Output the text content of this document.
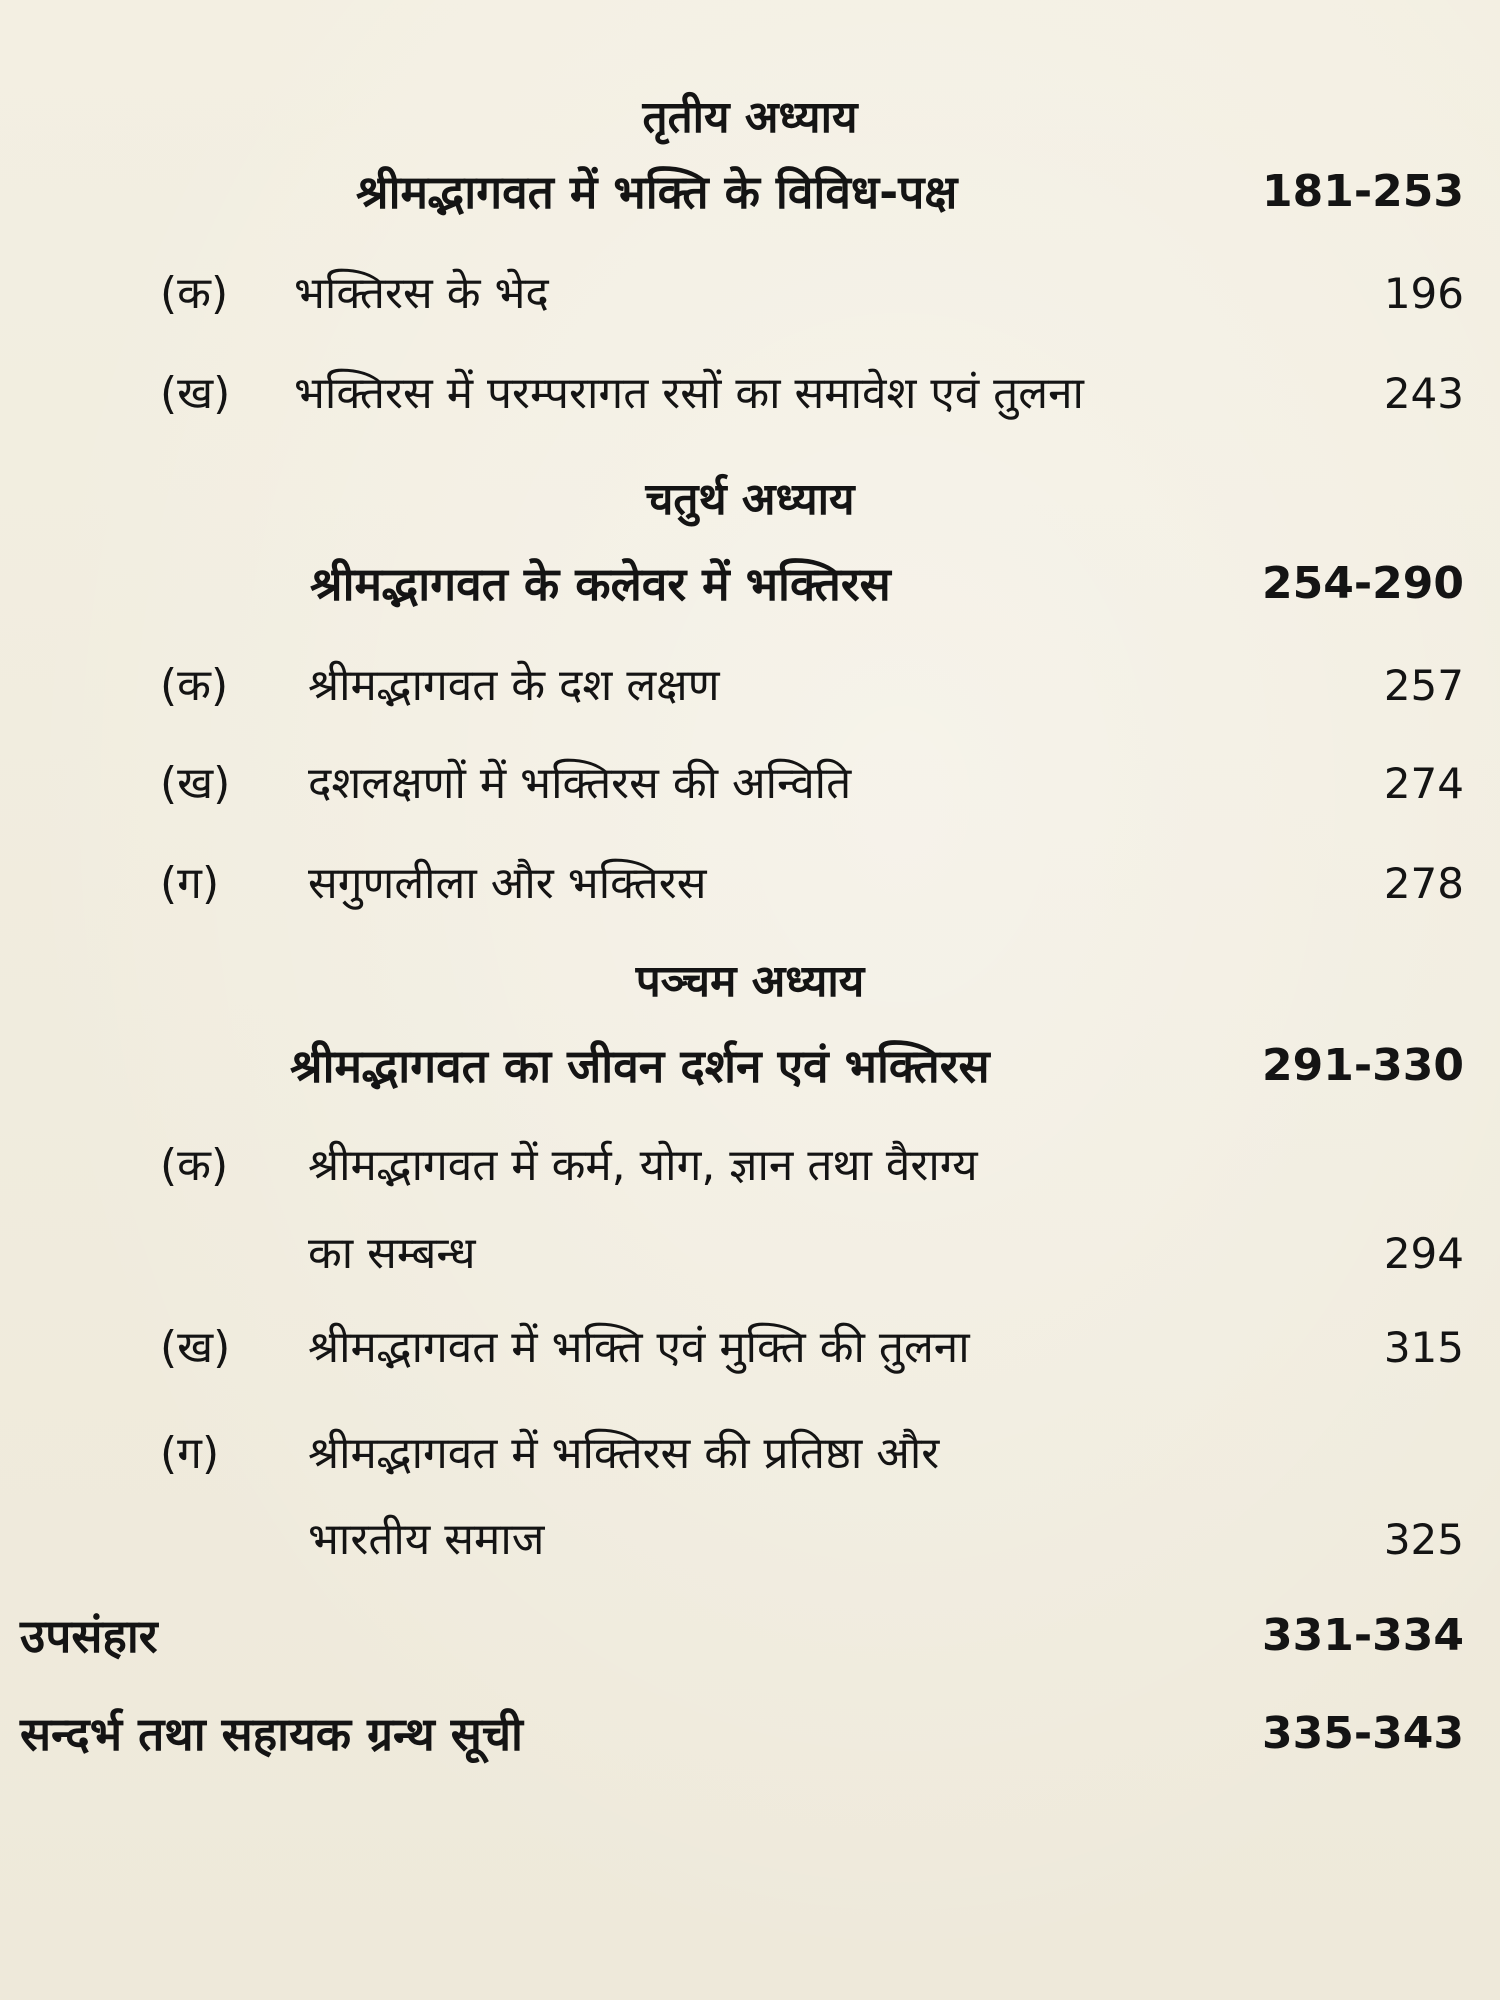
तृतीय अध्याय
श्रीमद्भागवत में भक्ति के विविध-पक्ष	181-253
(क) भक्तिरस के भेद	196
(ख) भक्तिरस में परम्परागत रसों का समावेश एवं तुलना	243
चतुर्थ अध्याय
श्रीमद्भागवत के कलेवर में भक्तिरस	254-290
(क) श्रीमद्भागवत के दश लक्षण	257
(ख) दशलक्षणों में भक्तिरस की अन्विति	274
(ग) सगुणलीला और भक्तिरस	278
पञ्चम अध्याय
श्रीमद्भागवत का जीवन दर्शन एवं भक्तिरस	291-330
(क) श्रीमद्भागवत में कर्म, योग, ज्ञान तथा वैराग्य
का सम्बन्ध	294
(ख) श्रीमद्भागवत में भक्ति एवं मुक्ति की तुलना	315
(ग) श्रीमद्भागवत में भक्तिरस की प्रतिष्ठा और
भारतीय समाज	325
उपसंहार	331-334
सन्दर्भ तथा सहायक ग्रन्थ सूची	335-343
